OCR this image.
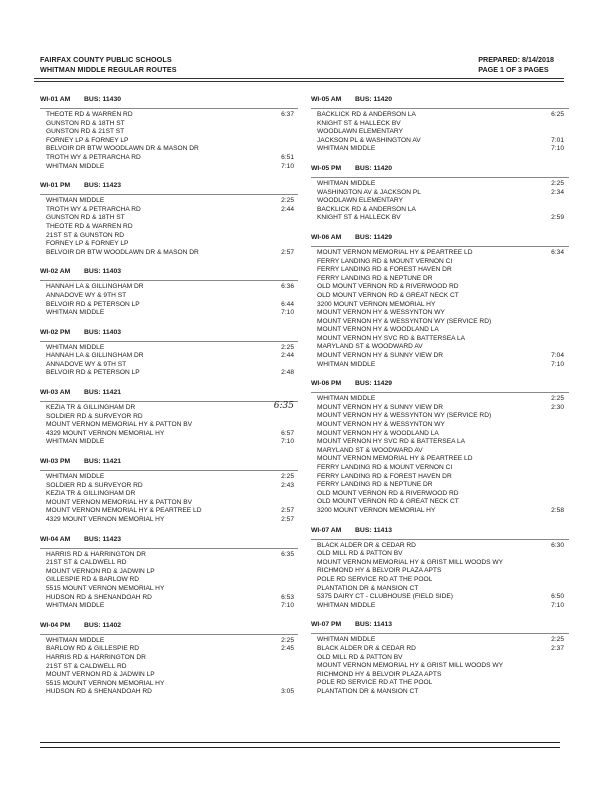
FAIRFAX COUNTY PUBLIC SCHOOLS
WHITMAN MIDDLE REGULAR ROUTES
PREPARED: 8/14/2018
PAGE 1 OF 3 PAGES
WI-01 AM BUS: 11430
THEOTE RD & WARREN RD	6:37
GUNSTON RD & 18TH ST
GUNSTON RD & 21ST ST
FORNEY LP & FORNEY LP
BELVOIR DR BTW WOODLAWN DR & MASON DR
TROTH WY & PETRARCHA RD	6:51
WHITMAN MIDDLE	7:10
WI-01 PM BUS: 11423
WHITMAN MIDDLE	2:25
TROTH WY & PETRARCHA RD	2:44
GUNSTON RD & 18TH ST
THEOTE RD & WARREN RD
21ST ST & GUNSTON RD
FORNEY LP & FORNEY LP
BELVOIR DR BTW WOODLAWN DR & MASON DR	2:57
WI-02 AM BUS: 11403
HANNAH LA & GILLINGHAM DR	6:36
ANNADOVE WY & 9TH ST
BELVOIR RD & PETERSON LP	6:44
WHITMAN MIDDLE	7:10
WI-02 PM BUS: 11403
WHITMAN MIDDLE	2:25
HANNAH LA & GILLINGHAM DR	2:44
ANNADOVE WY & 9TH ST
BELVOIR RD & PETERSON LP	2:48
WI-03 AM BUS: 11421
KEZIA TR & GILLINGHAM DR	6:35
SOLDIER RD & SURVEYOR RD
MOUNT VERNON MEMORIAL HY & PATTON BV
4329 MOUNT VERNON MEMORIAL HY	6:57
WHITMAN MIDDLE	7:10
WI-03 PM BUS: 11421
WHITMAN MIDDLE	2:25
SOLDIER RD & SURVEYOR RD	2:43
KEZIA TR & GILLINGHAM DR
MOUNT VERNON MEMORIAL HY & PATTON BV
MOUNT VERNON MEMORIAL HY & PEARTREE LD	2:57
4329 MOUNT VERNON MEMORIAL HY	2:57
WI-04 AM BUS: 11423
HARRIS RD & HARRINGTON DR	6:35
21ST ST & CALDWELL RD
MOUNT VERNON RD & JADWIN LP
GILLESPIE RD & BARLOW RD
5515 MOUNT VERNON MEMORIAL HY
HUDSON RD & SHENANDOAH RD	6:53
WHITMAN MIDDLE	7:10
WI-04 PM BUS: 11402
WHITMAN MIDDLE	2:25
BARLOW RD & GILLESPIE RD	2:45
HARRIS RD & HARRINGTON DR
21ST ST & CALDWELL RD
MOUNT VERNON RD & JADWIN LP
5515 MOUNT VERNON MEMORIAL HY
HUDSON RD & SHENANDOAH RD	3:05
WI-05 AM BUS: 11420
BACKLICK RD & ANDERSON LA	6:25
KNIGHT ST & HALLECK BV
WOODLAWN ELEMENTARY
JACKSON PL & WASHINGTON AV	7:01
WHITMAN MIDDLE	7:10
WI-05 PM BUS: 11420
WHITMAN MIDDLE	2:25
WASHINGTON AV & JACKSON PL	2:34
WOODLAWN ELEMENTARY
BACKLICK RD & ANDERSON LA
KNIGHT ST & HALLECK BV	2:59
WI-06 AM BUS: 11429
MOUNT VERNON MEMORIAL HY & PEARTREE LD	6:34
FERRY LANDING RD & MOUNT VERNON CI
FERRY LANDING RD & FOREST HAVEN DR
FERRY LANDING RD & NEPTUNE DR
OLD MOUNT VERNON RD & RIVERWOOD RD
OLD MOUNT VERNON RD & GREAT NECK CT
3200 MOUNT VERNON MEMORIAL HY
MOUNT VERNON HY & WESSYNTON WY
MOUNT VERNON HY & WESSYNTON WY (SERVICE RD)
MOUNT VERNON HY & WOODLAND LA
MOUNT VERNON HY SVC RD & BATTERSEA LA
MARYLAND ST & WOODWARD AV
MOUNT VERNON HY & SUNNY VIEW DR	7:04
WHITMAN MIDDLE	7:10
WI-06 PM BUS: 11429
WHITMAN MIDDLE	2:25
MOUNT VERNON HY & SUNNY VIEW DR	2:30
MOUNT VERNON HY & WESSYNTON WY (SERVICE RD)
MOUNT VERNON HY & WESSYNTON WY
MOUNT VERNON HY & WOODLAND LA
MOUNT VERNON HY SVC RD & BATTERSEA LA
MARYLAND ST & WOODWARD AV
MOUNT VERNON MEMORIAL HY & PEARTREE LD
FERRY LANDING RD & MOUNT VERNON CI
FERRY LANDING RD & FOREST HAVEN DR
FERRY LANDING RD & NEPTUNE DR
OLD MOUNT VERNON RD & RIVERWOOD RD
OLD MOUNT VERNON RD & GREAT NECK CT
3200 MOUNT VERNON MEMORIAL HY	2:58
WI-07 AM BUS: 11413
BLACK ALDER DR & CEDAR RD	6:30
OLD MILL RD & PATTON BV
MOUNT VERNON MEMORIAL HY & GRIST MILL WOODS WY
RICHMOND HY & BELVOIR PLAZA APTS
POLE RD SERVICE RD AT THE POOL
PLANTATION DR & MANSION CT
5375 DAIRY CT - CLUBHOUSE (FIELD SIDE)	6:50
WHITMAN MIDDLE	7:10
WI-07 PM BUS: 11413
WHITMAN MIDDLE	2:25
BLACK ALDER DR & CEDAR RD	2:37
OLD MILL RD & PATTON BV
MOUNT VERNON MEMORIAL HY & GRIST MILL WOODS WY
RICHMOND HY & BELVOIR PLAZA APTS
POLE RD SERVICE RD AT THE POOL
PLANTATION DR & MANSION CT
